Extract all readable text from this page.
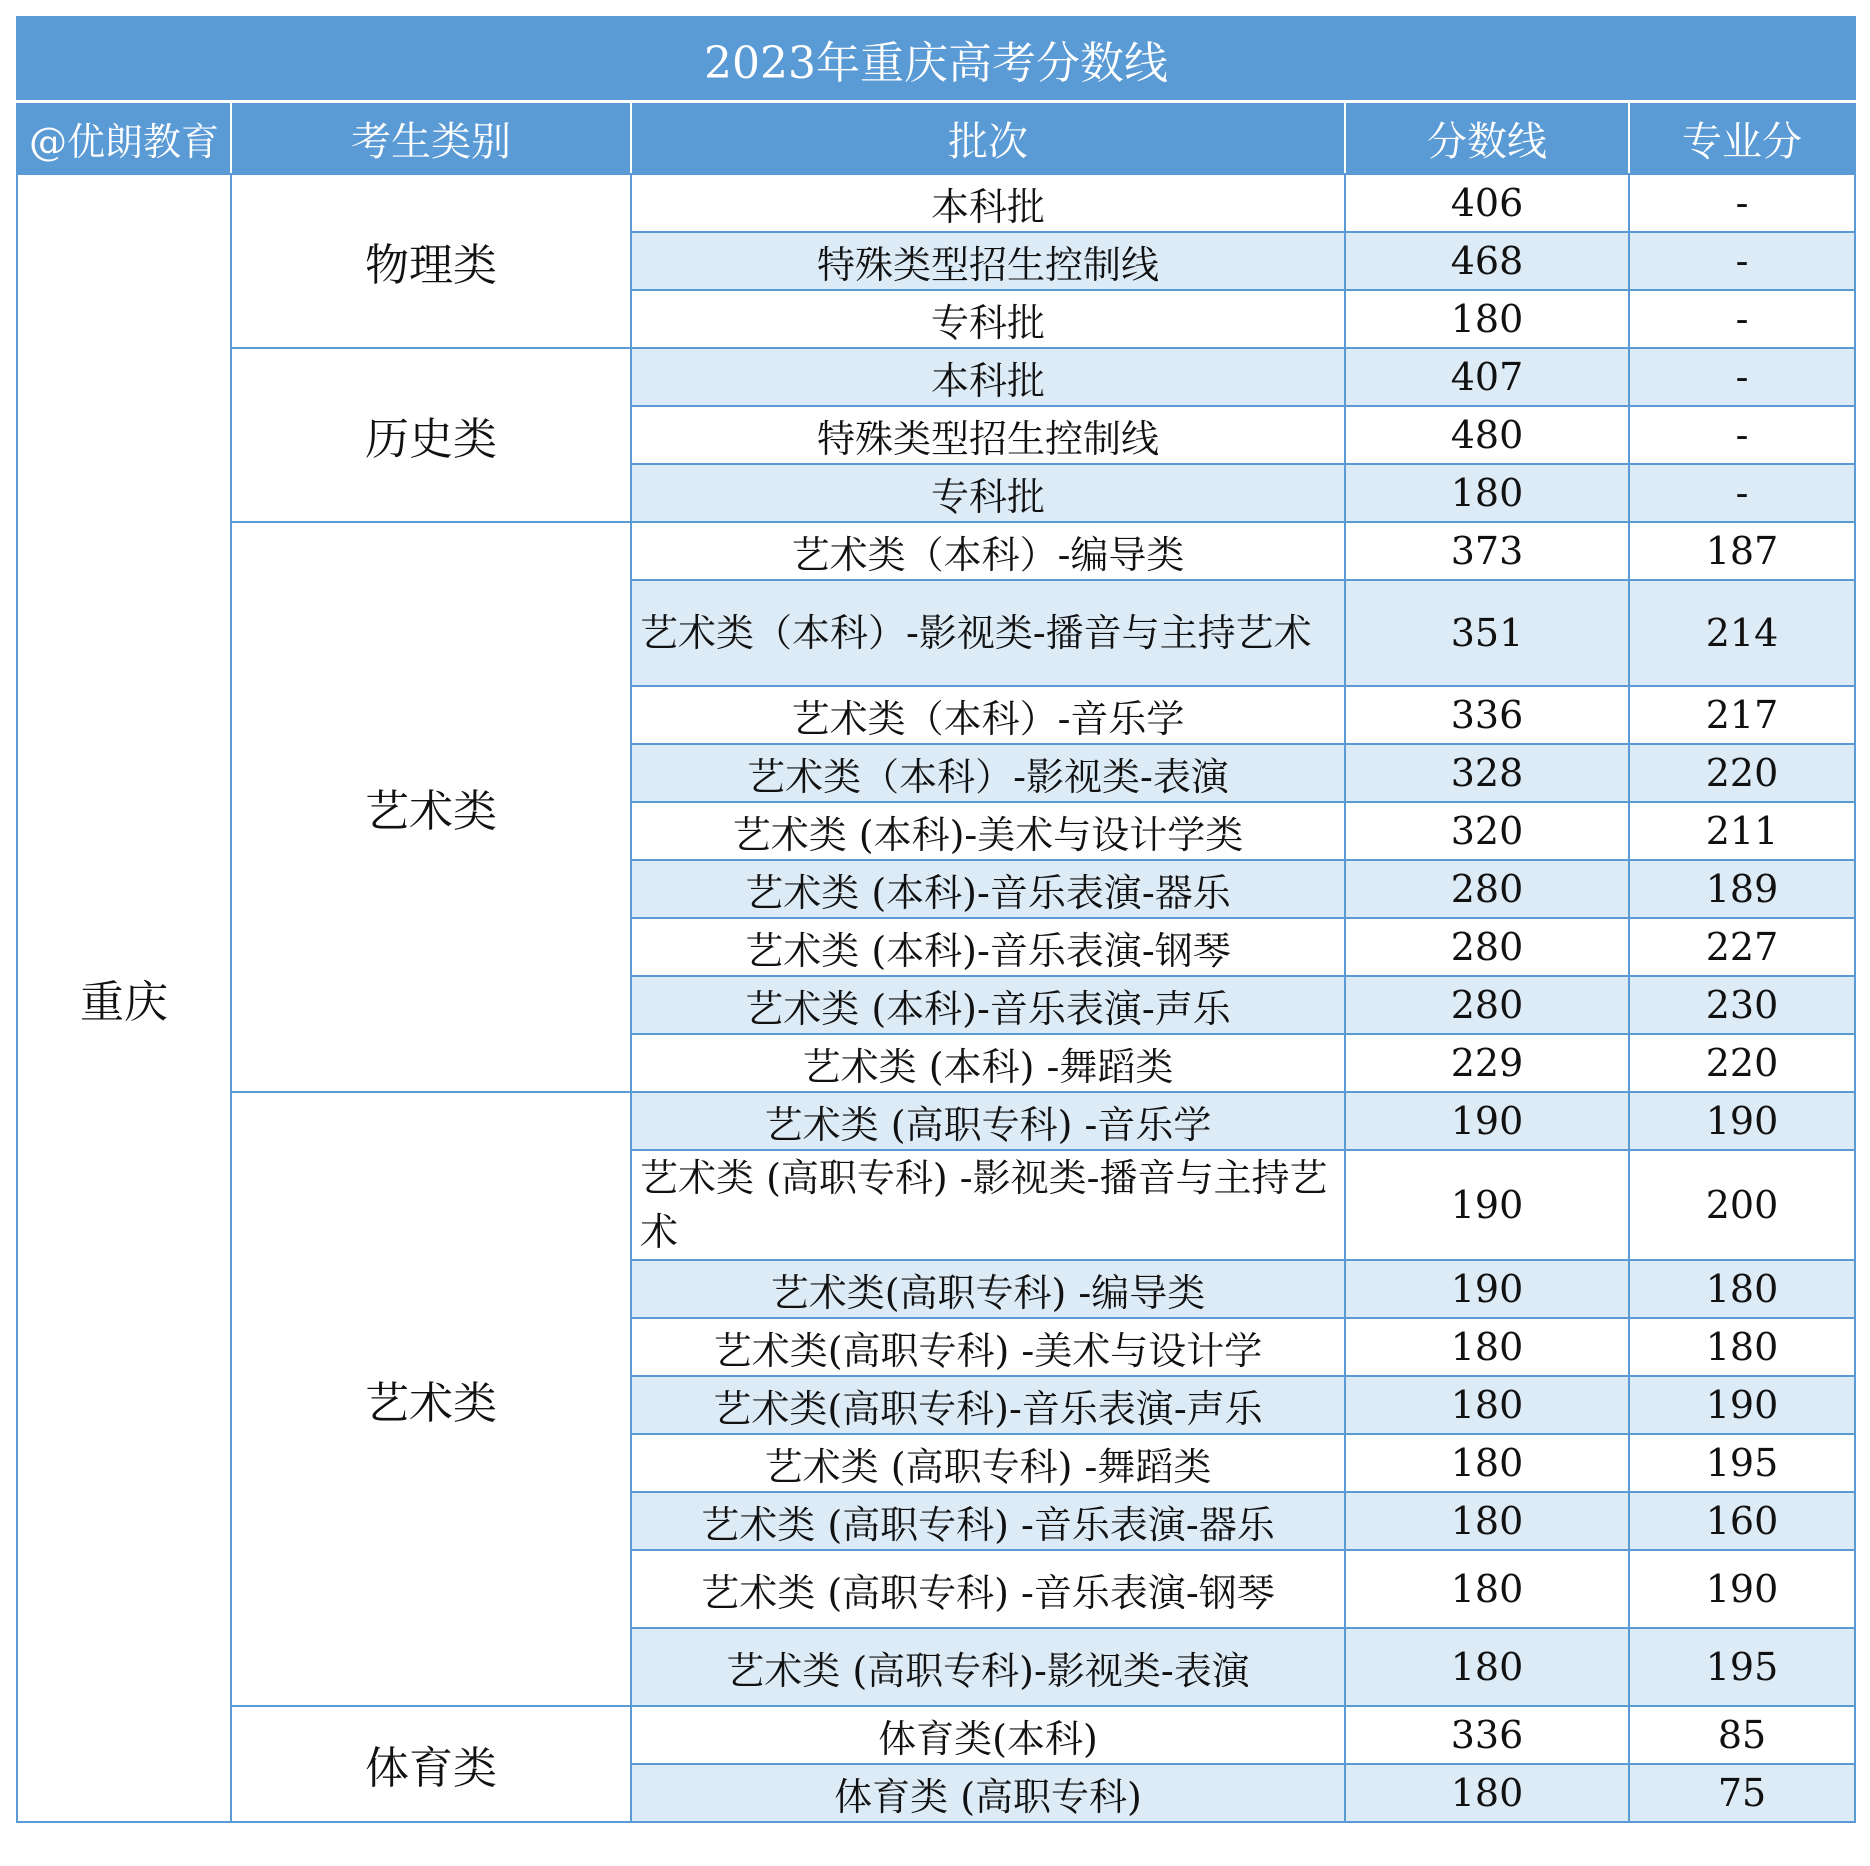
2023年重庆高考分数线				
@优朗教育	考生类别	批次	分数线	专业分
重庆	物理类	本科批	406	-
		特殊类型招生控制线	468	-
		专科批	180	-
	历史类	本科批	407	-
		特殊类型招生控制线	480	-
		专科批	180	-
	艺术类	艺术类（本科）-编导类	373	187
		艺术类（本科）-影视类-播音与主持艺术	351	214
		艺术类（本科）-音乐学	336	217
		艺术类（本科）-影视类-表演	328	220
		艺术类 (本科)-美术与设计学类	320	211
		艺术类 (本科)-音乐表演-器乐	280	189
		艺术类 (本科)-音乐表演-钢琴	280	227
		艺术类 (本科)-音乐表演-声乐	280	230
		艺术类 (本科) -舞蹈类	229	220
	艺术类	艺术类 (高职专科) -音乐学	190	190
		艺术类 (高职专科) -影视类-播音与主持艺术	190	200
		艺术类(高职专科) -编导类	190	180
		艺术类(高职专科) -美术与设计学	180	180
		艺术类(高职专科)-音乐表演-声乐	180	190
		艺术类 (高职专科) -舞蹈类	180	195
		艺术类 (高职专科) -音乐表演-器乐	180	160
		艺术类 (高职专科) -音乐表演-钢琴	180	190
		艺术类 (高职专科)-影视类-表演	180	195
	体育类	体育类(本科)	336	85
		体育类 (高职专科)	180	75
